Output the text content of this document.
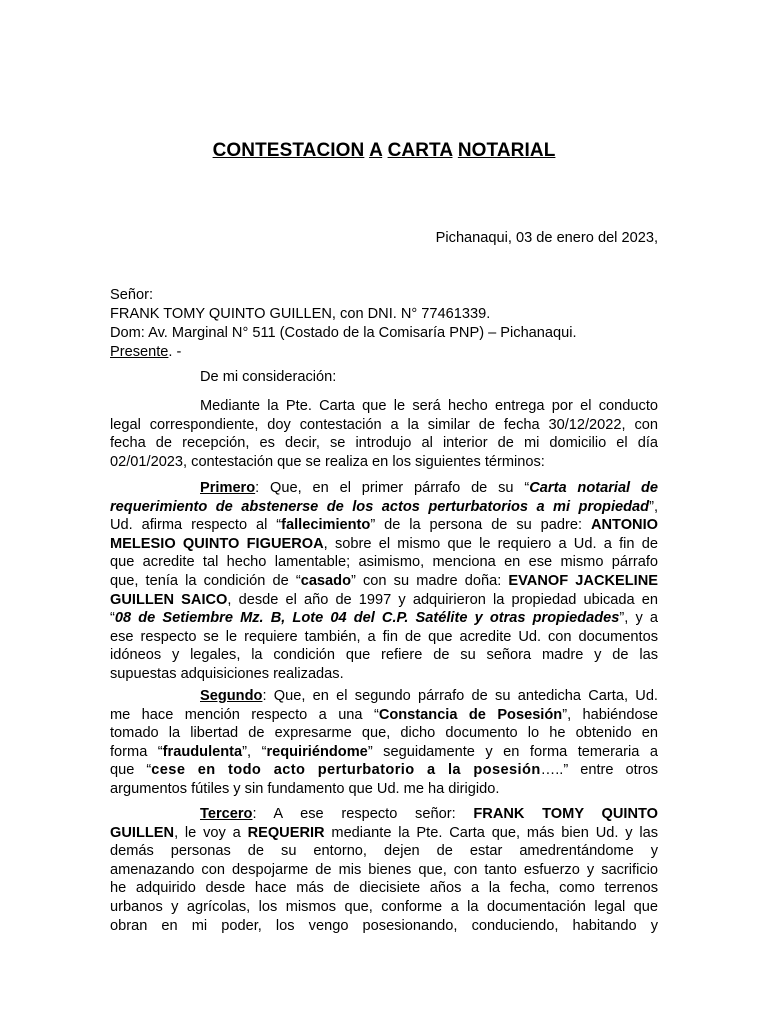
CONTESTACION A CARTA NOTARIAL
Pichanaqui, 03 de enero del 2023,
Señor:
FRANK TOMY QUINTO GUILLEN, con DNI. N° 77461339.
Dom: Av. Marginal N° 511 (Costado de la Comisaría PNP) – Pichanaqui.
Presente. -
De mi consideración:
Mediante la Pte. Carta que le será hecho entrega por el conducto
legal correspondiente, doy contestación a la similar de fecha 30/12/2022, con
fecha de recepción, es decir, se introdujo al interior de mi domicilio el día
02/01/2023, contestación que se realiza en los siguientes términos:
Primero: Que, en el primer párrafo de su “Carta notarial de
requerimiento de abstenerse de los actos perturbatorios a mi propiedad”,
Ud. afirma respecto al “fallecimiento” de la persona de su padre: ANTONIO
MELESIO QUINTO FIGUEROA, sobre el mismo que le requiero a Ud. a fin de
que acredite tal hecho lamentable; asimismo, menciona en ese mismo párrafo
que, tenía la condición de “casado” con su madre doña: EVANOF JACKELINE
GUILLEN SAICO, desde el año de 1997 y adquirieron la propiedad ubicada en
“08 de Setiembre Mz. B, Lote 04 del C.P. Satélite y otras propiedades”, y a
ese respecto se le requiere también, a fin de que acredite Ud. con documentos
idóneos y legales, la condición que refiere de su señora madre y de las
supuestas adquisiciones realizadas.
Segundo: Que, en el segundo párrafo de su antedicha Carta, Ud.
me hace mención respecto a una “Constancia de Posesión”, habiéndose
tomado la libertad de expresarme que, dicho documento lo he obtenido en
forma “fraudulenta”, “requiriéndome” seguidamente y en forma temeraria a
que “cese en todo acto perturbatorio a la posesión…..” entre otros
argumentos fútiles y sin fundamento que Ud. me ha dirigido.
Tercero: A ese respecto señor: FRANK TOMY QUINTO
GUILLEN, le voy a REQUERIR mediante la Pte. Carta que, más bien Ud. y las
demás personas de su entorno, dejen de estar amedrentándome y
amenazando con despojarme de mis bienes que, con tanto esfuerzo y sacrificio
he adquirido desde hace más de diecisiete años a la fecha, como terrenos
urbanos y agrícolas, los mismos que, conforme a la documentación legal que
obran en mi poder, los vengo posesionando, conduciendo, habitando y
